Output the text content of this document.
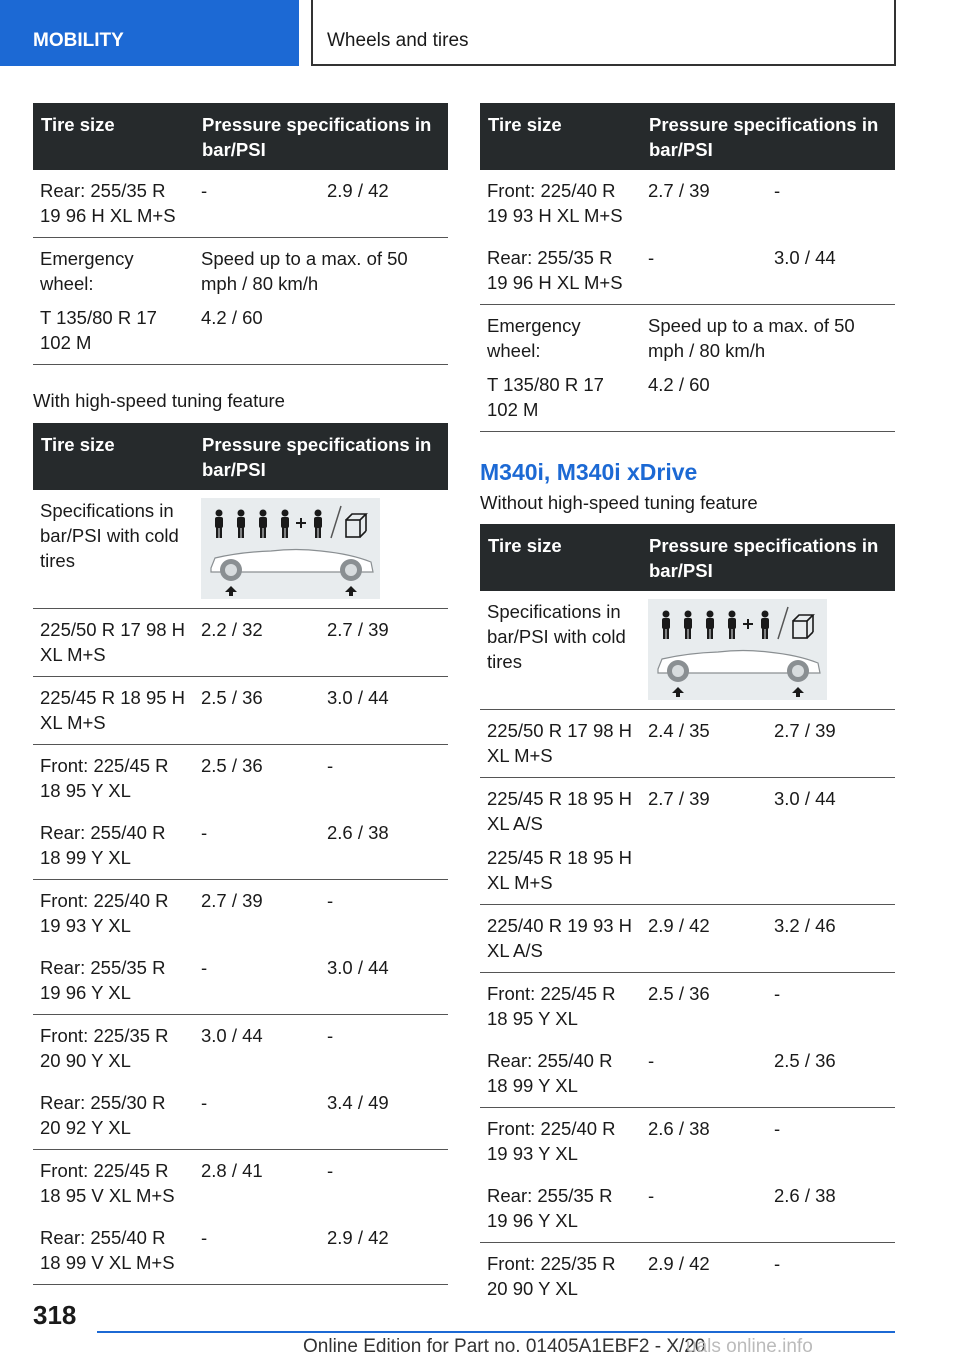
MOBILITY	Wheels and tires
Tire size	Pressure specifications in bar/PSI	
Rear: 255/35 R 19 96 H XL M+S	-	2.9 / 42
Emergency wheel:	Speed up to a max. of 50 mph / 80 km/h	
T 135/80 R 17 102 M	4.2 / 60	
With high-speed tuning feature
Tire size	Pressure specifications in bar/PSI	
Specifications in bar/PSI with cold tires	

225/50 R 17 98 H XL M+S	2.2 / 32	2.7 / 39
225/45 R 18 95 H XL M+S	2.5 / 36	3.0 / 44
Front: 225/45 R 18 95 Y XL	2.5 / 36	-
Rear: 255/40 R 18 99 Y XL	-	2.6 / 38
Front: 225/40 R 19 93 Y XL	2.7 / 39	-
Rear: 255/35 R 19 96 Y XL	-	3.0 / 44
Front: 225/35 R 20 90 Y XL	3.0 / 44	-
Rear: 255/30 R 20 92 Y XL	-	3.4 / 49
Front: 225/45 R 18 95 V XL M+S	2.8 / 41	-
Rear: 255/40 R 18 99 V XL M+S	-	2.9 / 42
Tire size	Pressure specifications in bar/PSI	
Front: 225/40 R 19 93 H XL M+S	2.7 / 39	-
Rear: 255/35 R 19 96 H XL M+S	-	3.0 / 44
Emergency wheel:	Speed up to a max. of 50 mph / 80 km/h	
T 135/80 R 17 102 M	4.2 / 60	
M340i, M340i xDrive
Without high-speed tuning feature
Tire size	Pressure specifications in bar/PSI	
Specifications in bar/PSI with cold tires	

225/50 R 17 98 H XL M+S	2.4 / 35	2.7 / 39
225/45 R 18 95 H XL A/S	2.7 / 39	3.0 / 44
225/45 R 18 95 H XL M+S		
225/40 R 19 93 H XL A/S	2.9 / 42	3.2 / 46
Front: 225/45 R 18 95 Y XL	2.5 / 36	-
Rear: 255/40 R 18 99 Y XL	-	2.5 / 36
Front: 225/40 R 19 93 Y XL	2.6 / 38	-
Rear: 255/35 R 19 96 Y XL	-	2.6 / 38
Front: 225/35 R 20 90 Y XL	2.9 / 42	-
318
Online Edition for Part no. 01405A1EBF2 - X/20
uals online.info
